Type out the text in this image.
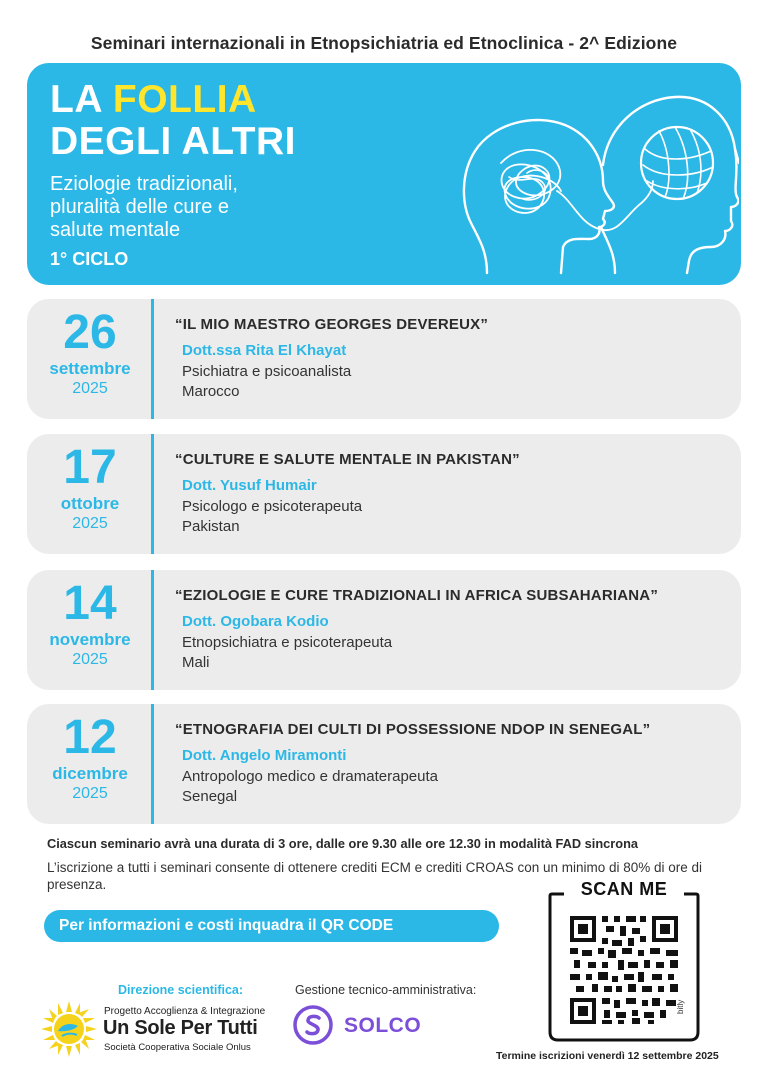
Seminari internazionali in Etnopsichiatria ed Etnoclinica - 2^ Edizione
LA FOLLIA
DEGLI ALTRI
Eziologie tradizionali,
pluralità delle cure e
salute mentale
1° CICLO
26
settembre
2025
“IL MIO MAESTRO GEORGES DEVEREUX”
Dott.ssa Rita El Khayat
Psichiatra e psicoanalista
Marocco
17
ottobre
2025
“CULTURE E SALUTE MENTALE IN PAKISTAN”
Dott. Yusuf Humair
Psicologo e psicoterapeuta
Pakistan
14
novembre
2025
“EZIOLOGIE E CURE TRADIZIONALI IN AFRICA SUBSAHARIANA”
Dott. Ogobara Kodio
Etnopsichiatra e psicoterapeuta
Mali
12
dicembre
2025
“ETNOGRAFIA DEI CULTI DI POSSESSIONE NDOP IN SENEGAL”
Dott. Angelo Miramonti
Antropologo medico e dramaterapeuta
Senegal
Ciascun seminario avrà una durata di 3 ore, dalle ore 9.30 alle ore 12.30 in modalità FAD sincrona
L’iscrizione a tutti i seminari consente di ottenere crediti ECM e crediti CROAS con un minimo di 80% di ore di presenza.
Per informazioni e costi inquadra il QR CODE
Direzione scientifica:
Progetto Accoglienza & Integrazione
Un Sole Per Tutti
Società Cooperativa Sociale Onlus
Gestione tecnico-amministrativa:
SOLCO
SCAN ME
bitly
Termine iscrizioni venerdì 12 settembre 2025
